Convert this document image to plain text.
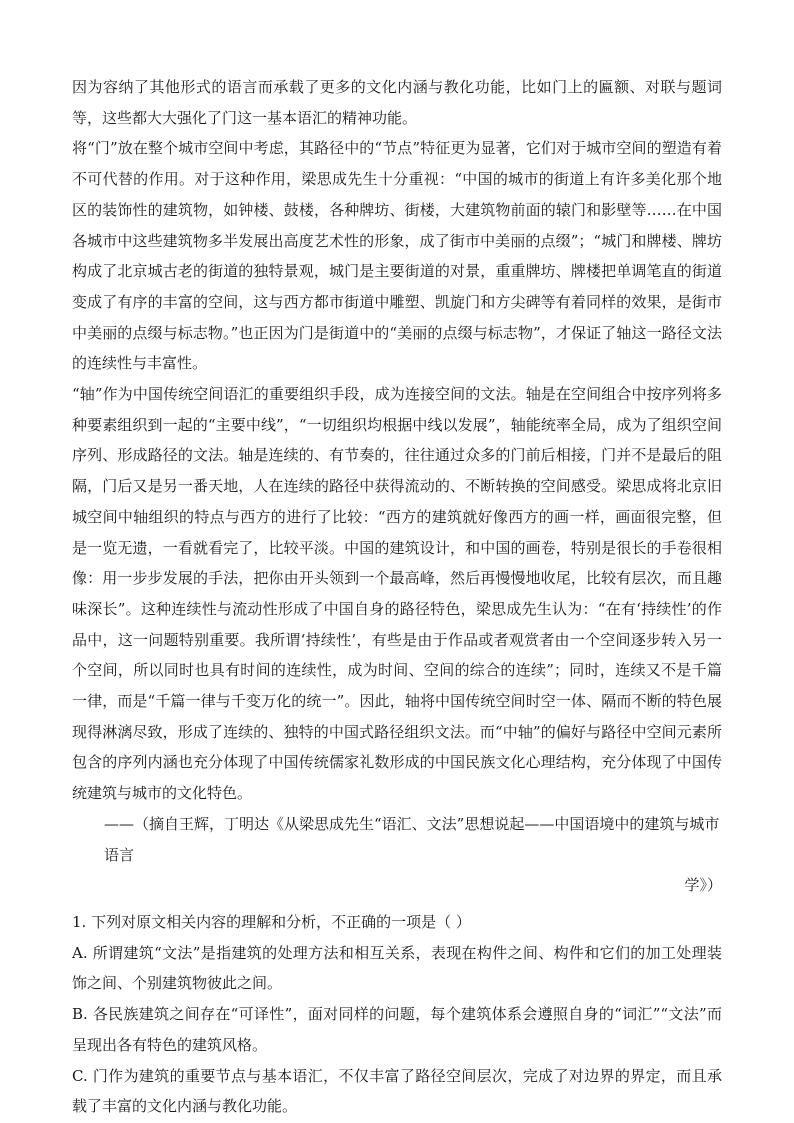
因为容纳了其他形式的语言而承载了更多的文化内涵与教化功能，比如门上的匾额、对联与题词等，这些都大大强化了门这一基本语汇的精神功能。

将“门”放在整个城市空间中考虑，其路径中的“节点”特征更为显著，它们对于城市空间的塑造有着不可代替的作用。对于这种作用，梁思成先生十分重视：“中国的城市的街道上有许多美化那个地区的装饰性的建筑物，如钟楼、鼓楼，各种牌坊、街楼，大建筑物前面的辕门和影壁等……在中国各城市中这些建筑物多半发展出高度艺术性的形象，成了街市中美丽的点缀”；“城门和牌楼、牌坊构成了北京城古老的街道的独特景观，城门是主要街道的对景，重重牌坊、牌楼把单调笔直的街道变成了有序的丰富的空间，这与西方都市街道中雕塑、凯旋门和方尖碑等有着同样的效果，是街市中美丽的点缀与标志物。”也正因为门是街道中的“美丽的点缀与标志物”，才保证了轴这一路径文法的连续性与丰富性。

“轴”作为中国传统空间语汇的重要组织手段，成为连接空间的文法。轴是在空间组合中按序列将多种要素组织到一起的“主要中线”，“一切组织均根据中线以发展”，轴能统率全局，成为了组织空间序列、形成路径的文法。轴是连续的、有节奏的，往往通过众多的门前后相接，门并不是最后的阻隔，门后又是另一番天地，人在连续的路径中获得流动的、不断转换的空间感受。梁思成将北京旧城空间中轴组织的特点与西方的进行了比较：“西方的建筑就好像西方的画一样，画面很完整，但是一览无遗，一看就看完了，比较平淡。中国的建筑设计，和中国的画卷，特别是很长的手卷很相像：用一步步发展的手法，把你由开头领到一个最高峰，然后再慢慢地收尾，比较有层次，而且趣味深长”。这种连续性与流动性形成了中国自身的路径特色，梁思成先生认为：“在有‘持续性’的作品中，这一问题特别重要。我所谓‘持续性’，有些是由于作品或者观赏者由一个空间逐步转入另一个空间，所以同时也具有时间的连续性，成为时间、空间的综合的连续”；同时，连续又不是千篇一律，而是“千篇一律与千变万化的统一”。因此，轴将中国传统空间时空一体、隔而不断的特色展现得淋漓尽致，形成了连续的、独特的中国式路径组织文法。而“中轴”的偏好与路径中空间元素所包含的序列内涵也充分体现了中国传统儒家礼数形成的中国民族文化心理结构，充分体现了中国传统建筑与城市的文化特色。

——（摘自王辉，丁明达《从梁思成先生“语汇、文法”思想说起——中国语境中的建筑与城市语言
学》）

1. 下列对原文相关内容的理解和分析，不正确的一项是（ ）

A. 所谓建筑“文法”是指建筑的处理方法和相互关系，表现在构件之间、构件和它们的加工处理装饰之间、个别建筑物彼此之间。

B. 各民族建筑之间存在“可译性”，面对同样的问题，每个建筑体系会遵照自身的“词汇”“文法”而呈现出各有特色的建筑风格。

C. 门作为建筑的重要节点与基本语汇，不仅丰富了路径空间层次，完成了对边界的界定，而且承载了丰富的文化内涵与教化功能。
